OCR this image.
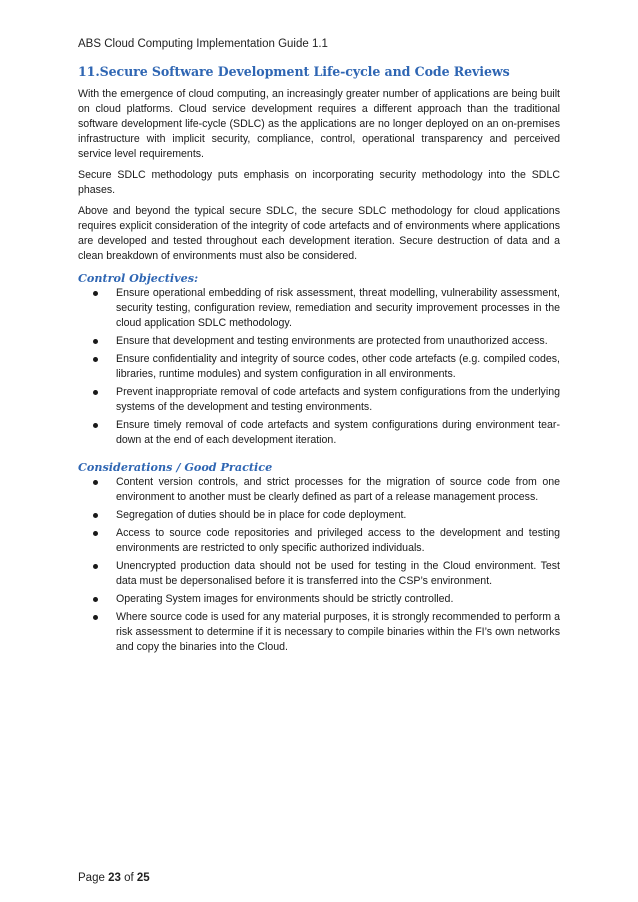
ABS Cloud Computing Implementation Guide 1.1
11.Secure Software Development Life-cycle and Code Reviews

With the emergence of cloud computing, an increasingly greater number of applications are being built on cloud platforms. Cloud service development requires a different approach than the traditional software development life-cycle (SDLC) as the applications are no longer deployed on an on-premises infrastructure with implicit security, compliance, control, operational transparency and perceived service level requirements.

Secure SDLC methodology puts emphasis on incorporating security methodology into the SDLC phases.

Above and beyond the typical secure SDLC, the secure SDLC methodology for cloud applications requires explicit consideration of the integrity of code artefacts and of environments where applications are developed and tested throughout each development iteration. Secure destruction of data and a clean breakdown of environments must also be considered.

Control Objectives:
Ensure operational embedding of risk assessment, threat modelling, vulnerability assessment, security testing, configuration review, remediation and security improvement processes in the cloud application SDLC methodology.
Ensure that development and testing environments are protected from unauthorized access.
Ensure confidentiality and integrity of source codes, other code artefacts (e.g. compiled codes, libraries, runtime modules) and system configuration in all environments.
Prevent inappropriate removal of code artefacts and system configurations from the underlying systems of the development and testing environments.
Ensure timely removal of code artefacts and system configurations during environment tear-down at the end of each development iteration.
Considerations / Good Practice
Content version controls, and strict processes for the migration of source code from one environment to another must be clearly defined as part of a release management process.
Segregation of duties should be in place for code deployment.
Access to source code repositories and privileged access to the development and testing environments are restricted to only specific authorized individuals.
Unencrypted production data should not be used for testing in the Cloud environment. Test data must be depersonalised before it is transferred into the CSP’s environment.
Operating System images for environments should be strictly controlled.
Where source code is used for any material purposes, it is strongly recommended to perform a risk assessment to determine if it is necessary to compile binaries within the FI’s own networks and copy the binaries into the Cloud.
Page 23 of 25
